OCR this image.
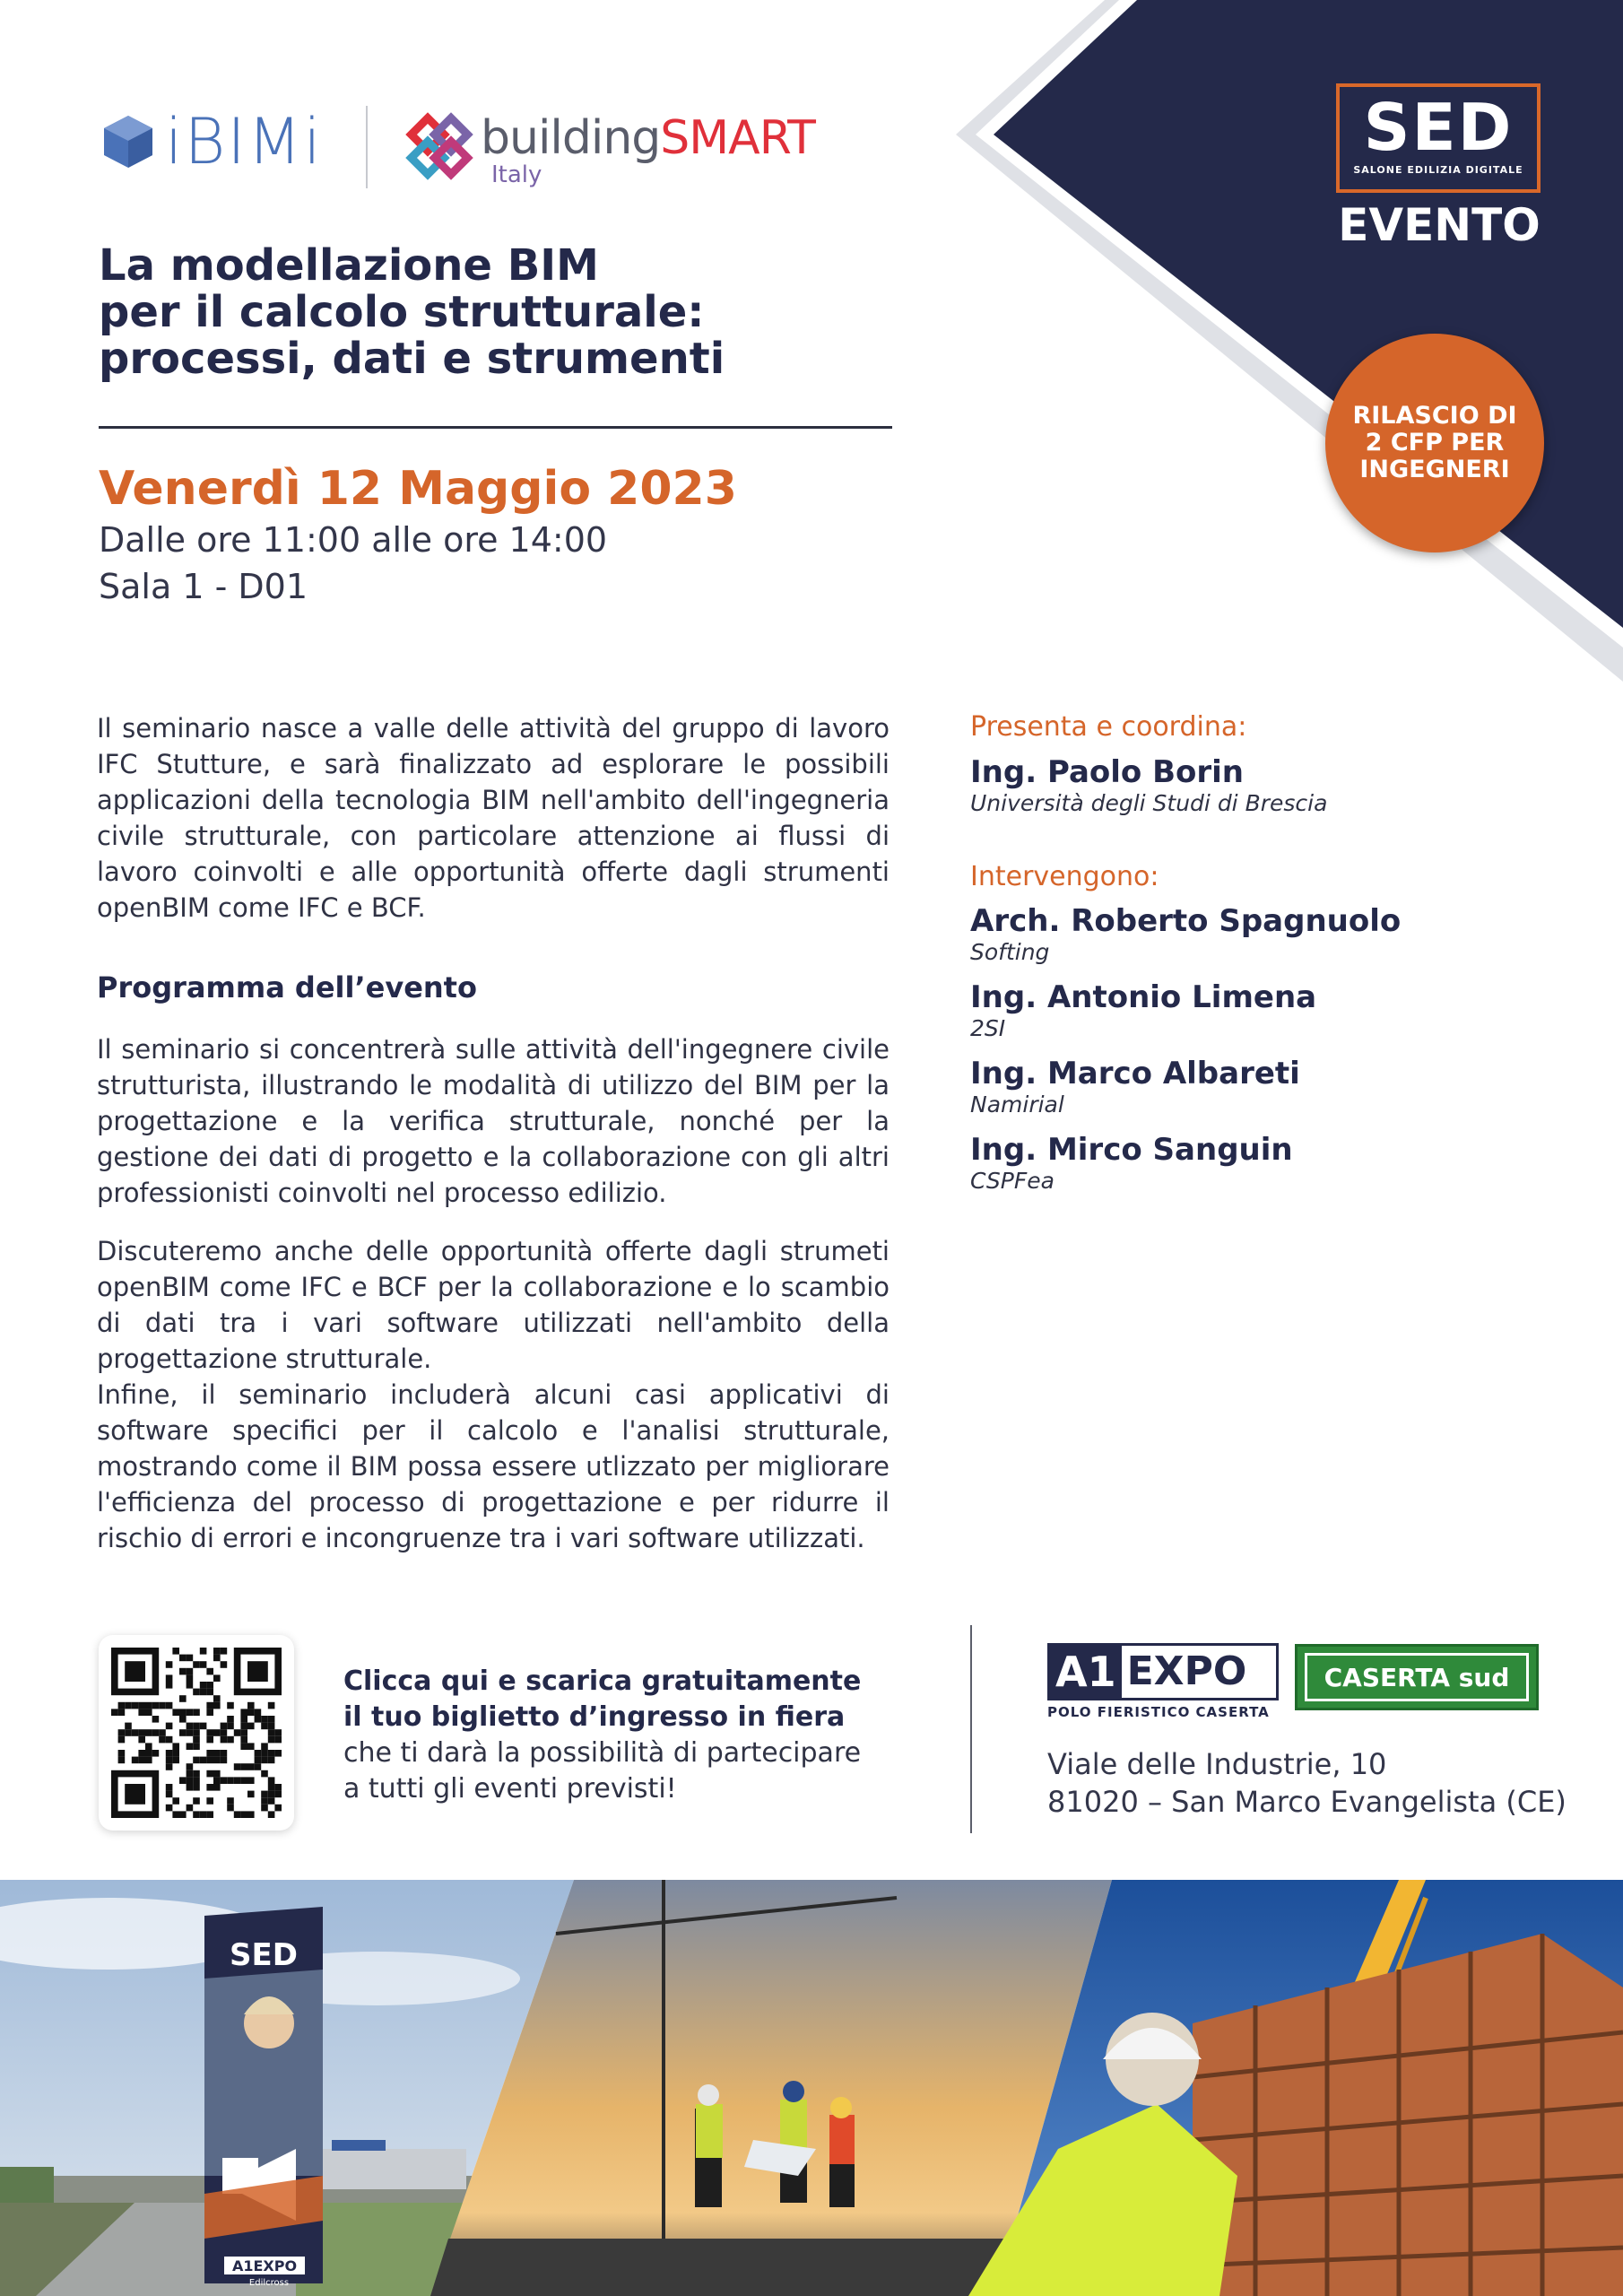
iBIMi	buildingSMART
Italy
SED
SALONE EDILIZIA DIGITALE
EVENTO
RILASCIO DI
2 CFP PER
INGEGNERI
La modellazione BIM
per il calcolo strutturale:
processi, dati e strumenti
Venerdì 12 Maggio 2023
Dalle ore 11:00 alle ore 14:00
Sala 1 - D01
Il seminario nasce a valle delle attività del gruppo di lavoro IFC Stutture, e sarà finalizzato ad esplorare le possibili applicazioni della tecnologia BIM nell'ambito dell'ingegneria civile strutturale, con particolare attenzione ai flussi di lavoro coinvolti e alle opportunità offerte dagli strumenti openBIM come IFC e BCF.
Programma dell’evento
Il seminario si concentrerà sulle attività dell'ingegnere civile strutturista, illustrando le modalità di utilizzo del BIM per la progettazione e la verifica strutturale, nonché per la gestione dei dati di progetto e la collaborazione con gli altri professionisti coinvolti nel processo edilizio.
Discuteremo anche delle opportunità offerte dagli strumeti openBIM come IFC e BCF per la collaborazione e lo scambio di dati tra i vari software utilizzati nell'ambito della progettazione strutturale.
Infine, il seminario includerà alcuni casi applicativi di software specifici per il calcolo e l'analisi strutturale, mostrando come il BIM possa essere utlizzato per migliorare l'efficienza del processo di progettazione e per ridurre il rischio di errori e incongruenze tra i vari software utilizzati.
Presenta e coordina:
Ing. Paolo Borin
Università degli Studi di Brescia
Intervengono:
Arch. Roberto Spagnuolo
Softing
Ing. Antonio Limena
2SI
Ing. Marco Albareti
Namirial
Ing. Mirco Sanguin
CSPFea
Clicca qui e scarica gratuitamente
il tuo biglietto d’ingresso in fiera
che ti darà la possibilità di partecipare
a tutti gli eventi previsti!
A1 EXPO
POLO FIERISTICO CASERTA
CASERTA sud
Viale delle Industrie, 10
81020 – San Marco Evangelista (CE)
SED
A1EXPO
Edilcross
